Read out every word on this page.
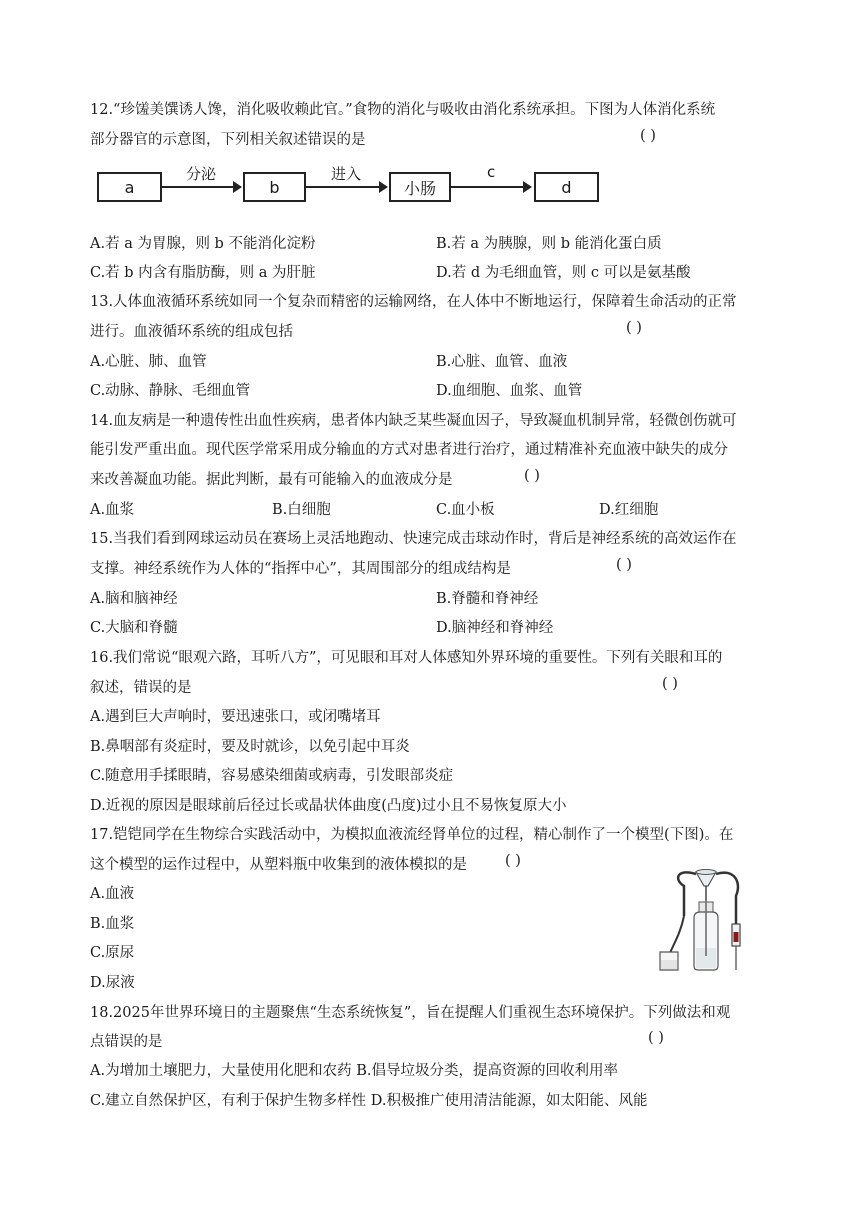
12.“珍馐美馔诱人馋，消化吸收赖此官。”食物的消化与吸收由消化系统承担。下图为人体消化系统
部分器官的示意图，下列相关叙述错误的是	( )
a
分泌
b
进入
小肠
c
d
A.若 a 为胃腺，则 b 不能消化淀粉	B.若 a 为胰腺，则 b 能消化蛋白质
C.若 b 内含有脂肪酶，则 a 为肝脏	D.若 d 为毛细血管，则 c 可以是氨基酸
13.人体血液循环系统如同一个复杂而精密的运输网络，在人体中不断地运行，保障着生命活动的正常
进行。血液循环系统的组成包括	( )
A.心脏、肺、血管	B.心脏、血管、血液
C.动脉、静脉、毛细血管	D.血细胞、血浆、血管
14.血友病是一种遗传性出血性疾病，患者体内缺乏某些凝血因子，导致凝血机制异常，轻微创伤就可
能引发严重出血。现代医学常采用成分输血的方式对患者进行治疗，通过精准补充血液中缺失的成分
来改善凝血功能。据此判断，最有可能输入的血液成分是	( )
A.血浆	B.白细胞	C.血小板	D.红细胞
15.当我们看到网球运动员在赛场上灵活地跑动、快速完成击球动作时，背后是神经系统的高效运作在
支撑。神经系统作为人体的“指挥中心”，其周围部分的组成结构是	( )
A.脑和脑神经	B.脊髓和脊神经
C.大脑和脊髓	D.脑神经和脊神经
16.我们常说“眼观六路，耳听八方”，可见眼和耳对人体感知外界环境的重要性。下列有关眼和耳的
叙述，错误的是	( )
A.遇到巨大声响时，要迅速张口，或闭嘴堵耳
B.鼻咽部有炎症时，要及时就诊，以免引起中耳炎
C.随意用手揉眼睛，容易感染细菌或病毒，引发眼部炎症
D.近视的原因是眼球前后径过长或晶状体曲度(凸度)过小且不易恢复原大小
17.铠铠同学在生物综合实践活动中，为模拟血液流经肾单位的过程，精心制作了一个模型(下图)。在
这个模型的运作过程中，从塑料瓶中收集到的液体模拟的是	( )
A.血液
B.血浆
C.原尿
D.尿液
18.2025年世界环境日的主题聚焦“生态系统恢复”，旨在提醒人们重视生态环境保护。下列做法和观
点错误的是	( )
A.为增加土壤肥力，大量使用化肥和农药 B.倡导垃圾分类，提高资源的回收利用率
C.建立自然保护区，有利于保护生物多样性 D.积极推广使用清洁能源，如太阳能、风能
